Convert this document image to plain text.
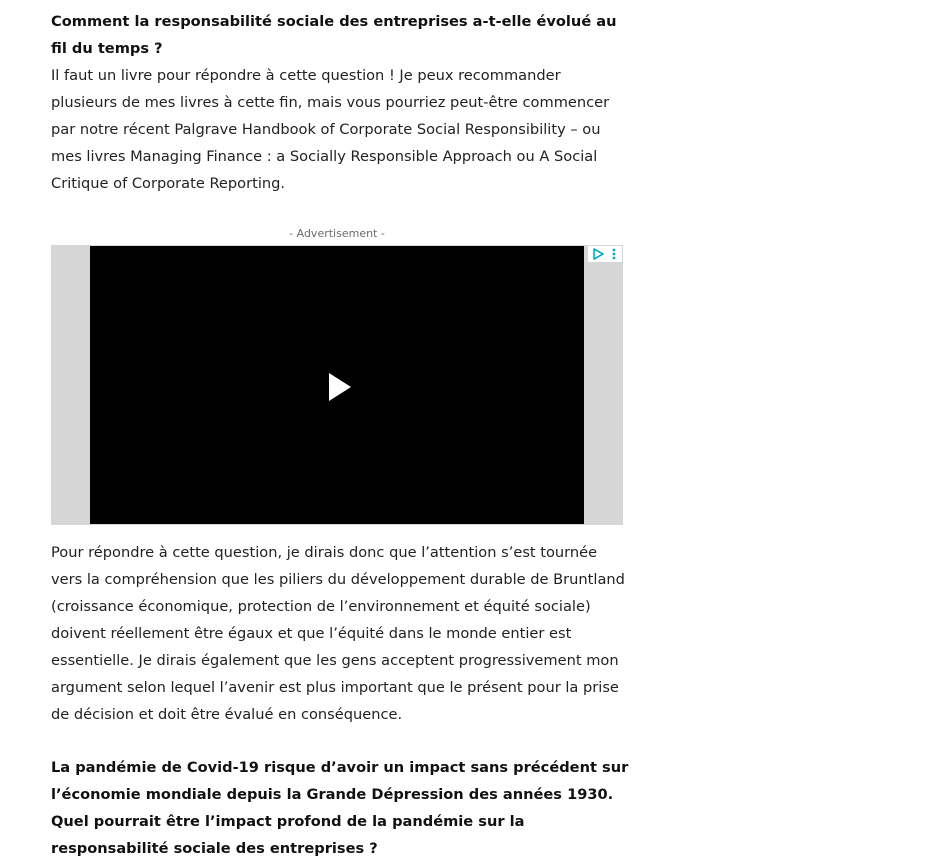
Comment la responsabilité sociale des entreprises a-t-elle évolué au fil du temps ?

Il faut un livre pour répondre à cette question ! Je peux recommander plusieurs de mes livres à cette fin, mais vous pourriez peut-être commencer par notre récent Palgrave Handbook of Corporate Social Responsibility – ou mes livres Managing Finance : a Socially Responsible Approach ou A Social Critique of Corporate Reporting.

- Advertisement -

Pour répondre à cette question, je dirais donc que l’attention s’est tournée vers la compréhension que les piliers du développement durable de Bruntland (croissance économique, protection de l’environnement et équité sociale) doivent réellement être égaux et que l’équité dans le monde entier est essentielle. Je dirais également que les gens acceptent progressivement mon argument selon lequel l’avenir est plus important que le présent pour la prise de décision et doit être évalué en conséquence.

La pandémie de Covid-19 risque d’avoir un impact sans précédent sur l’économie mondiale depuis la Grande Dépression des années 1930. Quel pourrait être l’impact profond de la pandémie sur la responsabilité sociale des entreprises ?
